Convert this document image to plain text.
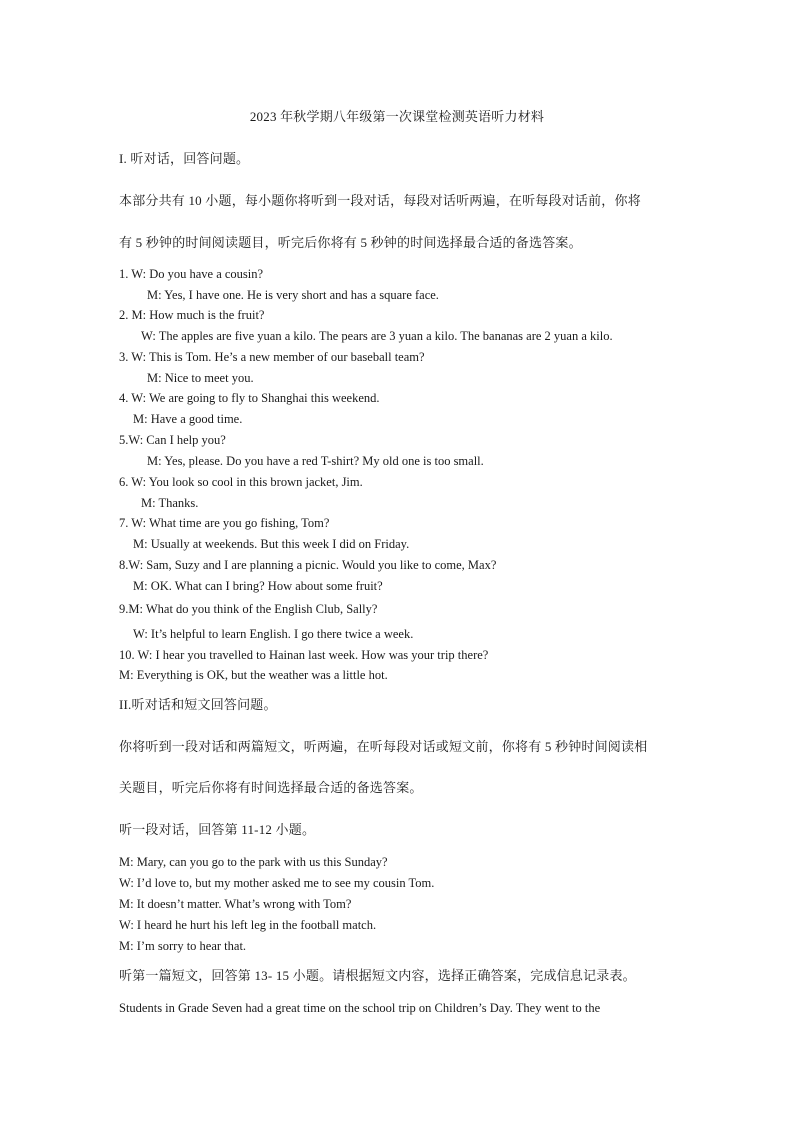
2023 年秋学期八年级第一次课堂检测英语听力材料
I. 听对话，回答问题。
本部分共有 10 小题，每小题你将听到一段对话，每段对话听两遍，在听每段对话前，你将
有 5 秒钟的时间阅读题目，听完后你将有 5 秒钟的时间选择最合适的备选答案。
1. W: Do you have a cousin?
M: Yes, I have one. He is very short and has a square face.
2. M: How much is the fruit?
W: The apples are five yuan a kilo. The pears are 3 yuan a kilo. The bananas are 2 yuan a kilo.
3. W: This is Tom. He’s a new member of our baseball team?
M: Nice to meet you.
4. W: We are going to fly to Shanghai this weekend.
M: Have a good time.
5.W: Can I help you?
M: Yes, please. Do you have a red T-shirt? My old one is too small.
6. W: You look so cool in this brown jacket, Jim.
M: Thanks.
7. W: What time are you go fishing, Tom?
M: Usually at weekends. But this week I did on Friday.
8.W: Sam, Suzy and I are planning a picnic. Would you like to come, Max?
M: OK. What can I bring? How about some fruit?
9.M: What do you think of the English Club, Sally?
W: It’s helpful to learn English. I go there twice a week.
10. W: I hear you travelled to Hainan last week. How was your trip there?
M: Everything is OK, but the weather was a little hot.
II.听对话和短文回答问题。
你将听到一段对话和两篇短文，听两遍，在听每段对话或短文前，你将有 5 秒钟时间阅读相
关题目，听完后你将有时间选择最合适的备选答案。
听一段对话，回答第 11-12 小题。
M: Mary, can you go to the park with us this Sunday?
W: I’d love to, but my mother asked me to see my cousin Tom.
M: It doesn’t matter. What’s wrong with Tom?
W: I heard he hurt his left leg in the football match.
M: I’m sorry to hear that.
听第一篇短文，回答第 13- 15 小题。请根据短文内容，选择正确答案，完成信息记录表。
Students in Grade Seven had a great time on the school trip on Children’s Day. They went to the
